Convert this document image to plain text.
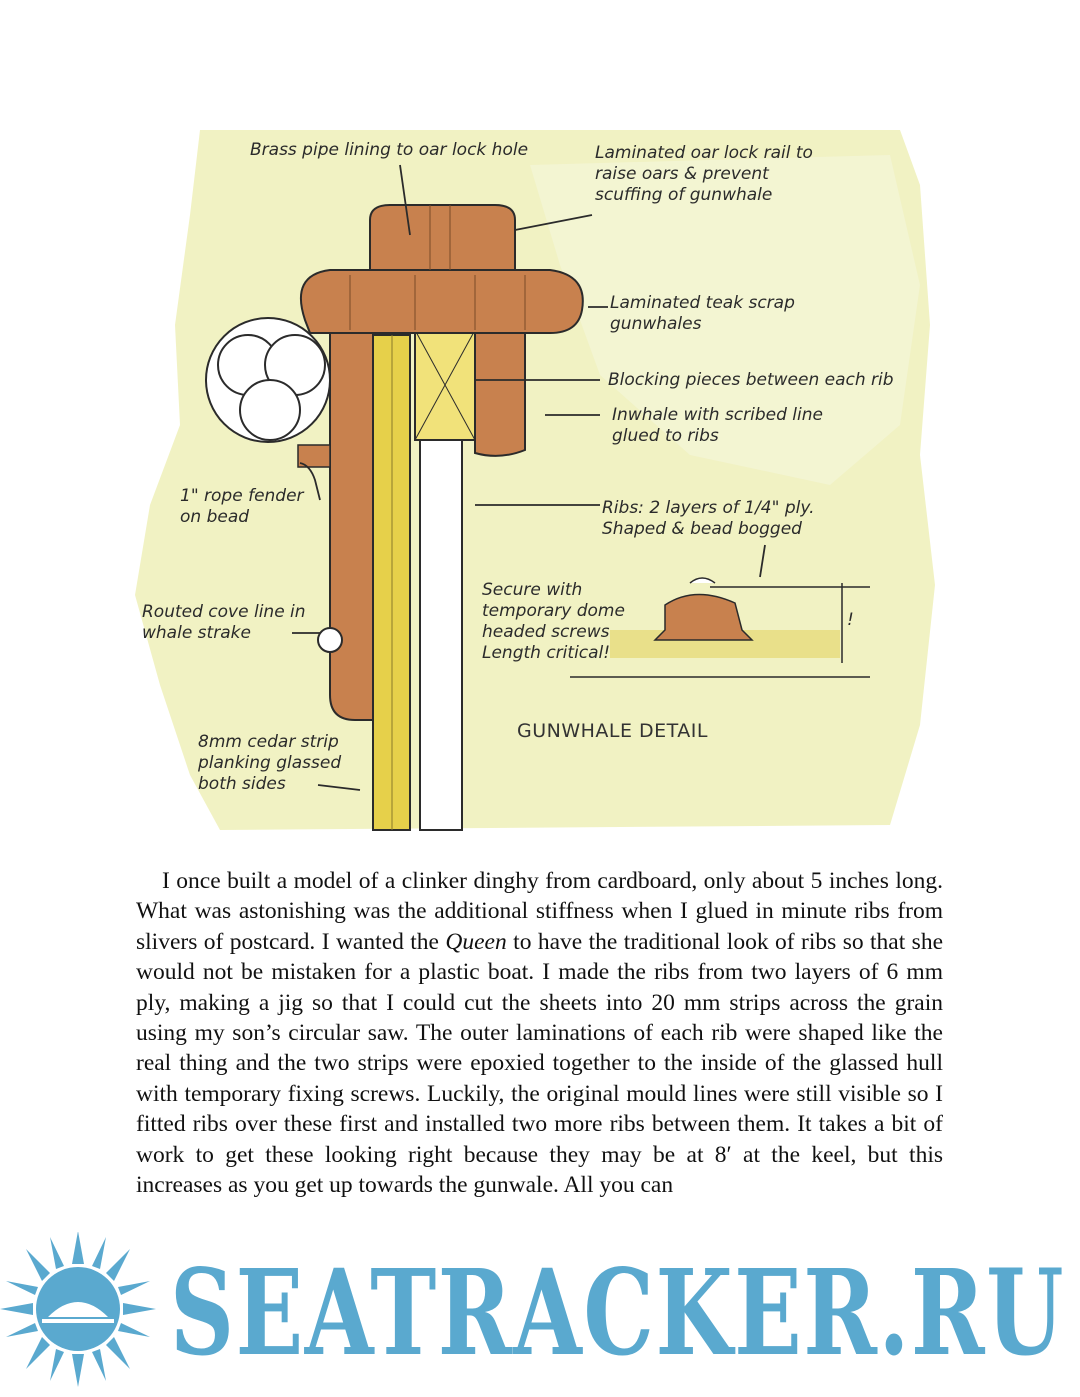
Brass pipe lining to oar lock hole	Laminated oar lock rail to
raise oars & prevent
scuffing of gunwhale
Laminated teak scrap
gunwhales
Blocking pieces between each rib
Inwhale with scribed line
glued to ribs
1" rope fender
on bead	Ribs: 2 layers of 1/4" ply.
Shaped & bead bogged
Secure with
temporary dome
headed screws
Length critical!
Routed cove line in
whale strake
8mm cedar strip
planking glassed
both sides
!
GUNWHALE DETAIL

I once built a model of a clinker dinghy from cardboard, only about 5 inches long. What was astonishing was the additional stiffness when I glued in minute ribs from slivers of postcard. I wanted the Queen to have the traditional look of ribs so that she would not be mistaken for a plastic boat. I made the ribs from two layers of 6 mm ply, making a jig so that I could cut the sheets into 20 mm strips across the grain using my son’s circular saw. The outer laminations of each rib were shaped like the real thing and the two strips were epoxied together to the inside of the glassed hull with temporary fixing screws. Luckily, the original mould lines were still visible so I fitted ribs over these first and installed two more ribs between them. It takes a bit of work to get these looking right because they may be at 8′ at the keel, but this increases as you get up towards the gunwale. All you can

SEATRACKER.RU
